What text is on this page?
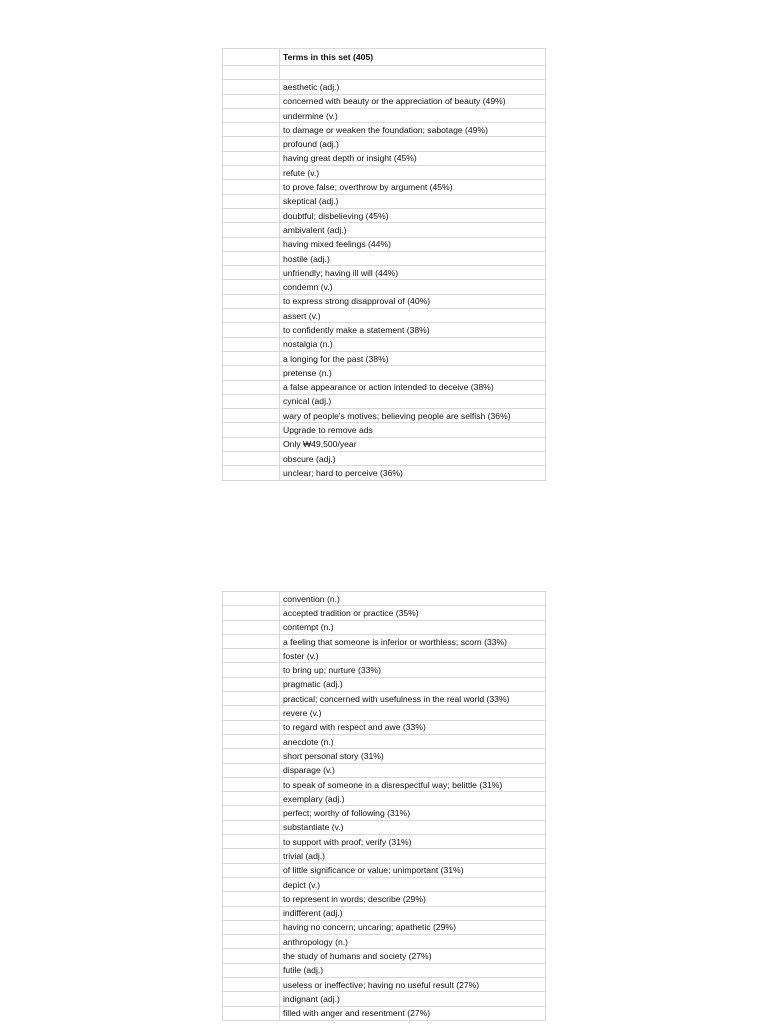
	Terms in this set (405)

	aesthetic (adj.)
	concerned with beauty or the appreciation of beauty (49%)
	undermine (v.)
	to damage or weaken the foundation; sabotage (49%)
	profound (adj.)
	having great depth or insight (45%)
	refute (v.)
	to prove false; overthrow by argument (45%)
	skeptical (adj.)
	doubtful; disbelieving (45%)
	ambivalent (adj.)
	having mixed feelings (44%)
	hostile (adj.)
	unfriendly; having ill will (44%)
	condemn (v.)
	to express strong disapproval of (40%)
	assert (v.)
	to confidently make a statement (38%)
	nostalgia (n.)
	a longing for the past (38%)
	pretense (n.)
	a false appearance or action intended to deceive (38%)
	cynical (adj.)
	wary of people's motives; believing people are selfish (36%)
	Upgrade to remove ads
	Only ₩49,500/year
	obscure (adj.)
	unclear; hard to perceive (36%)
	convention (n.)
	accepted tradition or practice (35%)
	contempt (n.)
	a feeling that someone is inferior or worthless; scorn (33%)
	foster (v.)
	to bring up; nurture (33%)
	pragmatic (adj.)
	practical; concerned with usefulness in the real world (33%)
	revere (v.)
	to regard with respect and awe (33%)
	anecdote (n.)
	short personal story (31%)
	disparage (v.)
	to speak of someone in a disrespectful way; belittle (31%)
	exemplary (adj.)
	perfect; worthy of following (31%)
	substantiate (v.)
	to support with proof; verify (31%)
	trivial (adj.)
	of little significance or value; unimportant (31%)
	depict (v.)
	to represent in words; describe (29%)
	indifferent (adj.)
	having no concern; uncaring; apathetic (29%)
	anthropology (n.)
	the study of humans and society (27%)
	futile (adj.)
	useless or ineffective; having no useful result (27%)
	indignant (adj.)
	filled with anger and resentment (27%)
